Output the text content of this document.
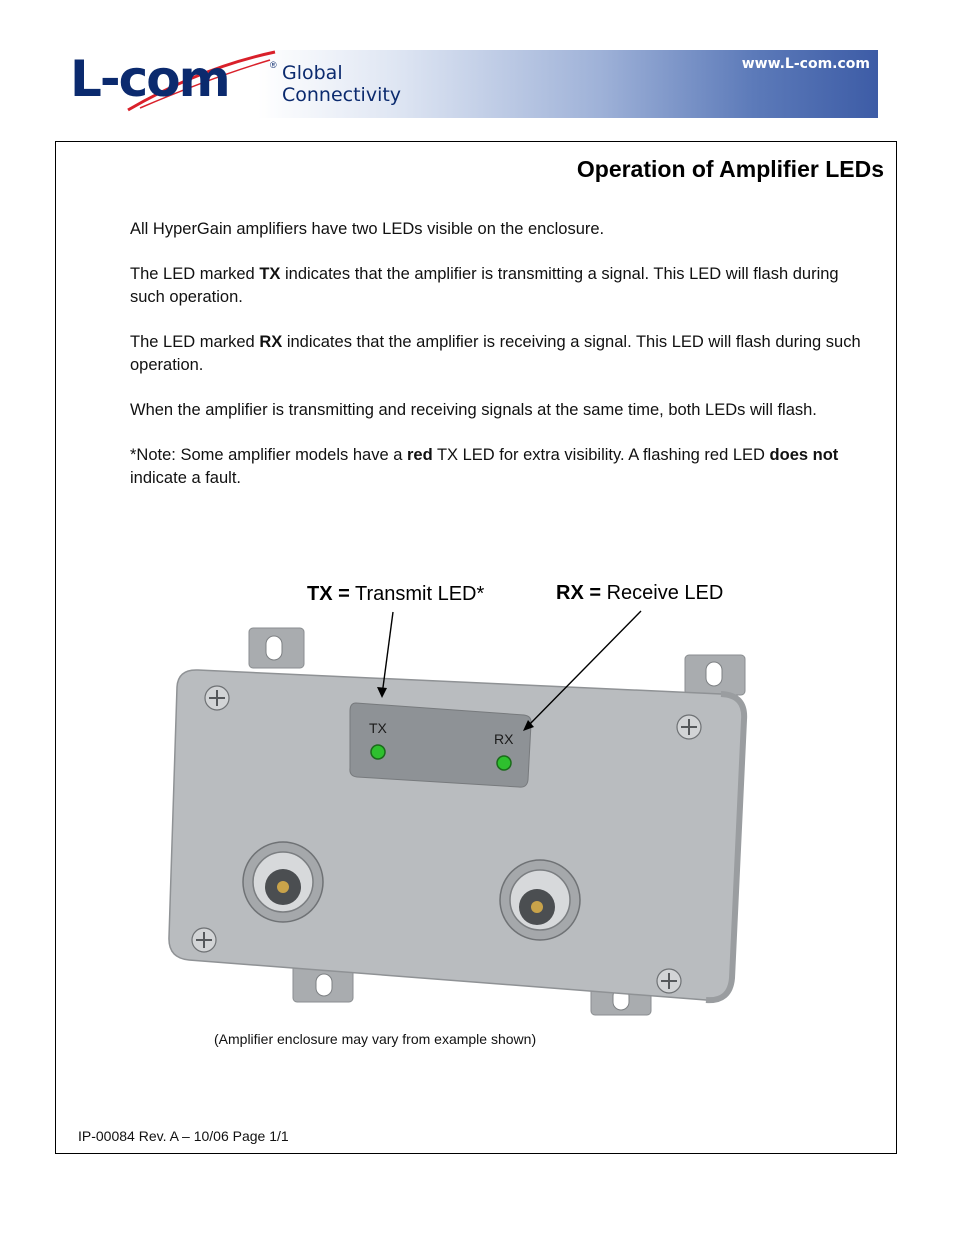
www.L-com.com
L-com	® Global
Connectivity
Operation of Amplifier LEDs

All HyperGain amplifiers have two LEDs visible on the enclosure.

The LED marked TX indicates that the amplifier is transmitting a signal. This LED will flash during such operation.

The LED marked RX indicates that the amplifier is receiving a signal. This LED will flash during such operation.

When the amplifier is transmitting and receiving signals at the same time, both LEDs will flash.

*Note: Some amplifier models have a red TX LED for extra visibility. A flashing red LED does not indicate a fault.

TX
RX
TX = Transmit LED*	RX = Receive LED
(Amplifier enclosure may vary from example shown)
IP-00084 Rev. A – 10/06 Page 1/1
